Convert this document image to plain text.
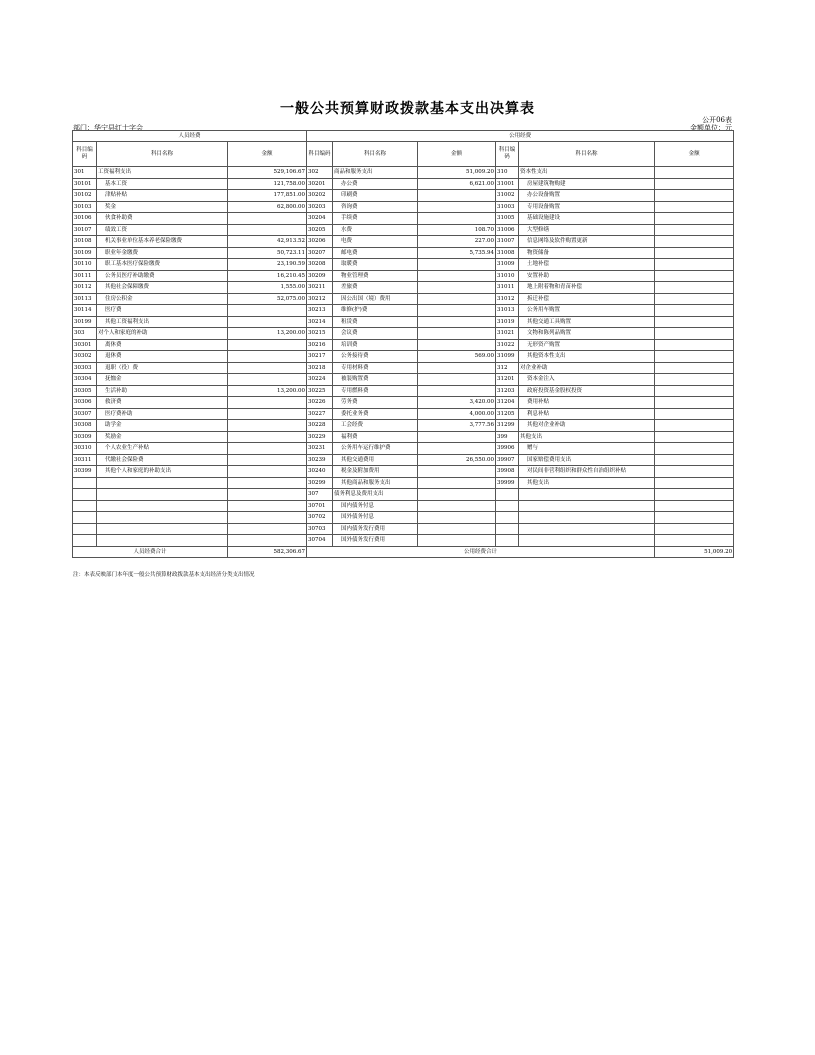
一般公共预算财政拨款基本支出决算表
公开06表
部门：华宁县红十字会	金额单位：元
人员经费			公用经费					
科目编码	科目名称	金额	科目编码	科目名称	金额	科目编码	科目名称	金额
301	工资福利支出	529,106.67	302	商品和服务支出	51,009.20	310	资本性支出	
30101	基本工资	121,758.00	30201	办公费	6,621.00	31001	房屋建筑物购建	
30102	津贴补贴	177,851.00	30202	印刷费		31002	办公设备购置	
30103	奖金	62,800.00	30203	咨询费		31003	专用设备购置	
30106	伙食补助费		30204	手续费		31005	基础设施建设	
30107	绩效工资		30205	水费	108.70	31006	大型修缮	
30108	机关事业单位基本养老保险缴费	42,913.52	30206	电费	227.00	31007	信息网络及软件购置更新	
30109	职业年金缴费	50,723.11	30207	邮电费	5,735.94	31008	物资储备	
30110	职工基本医疗保险缴费	23,190.59	30208	取暖费		31009	土地补偿	
30111	公务员医疗补助缴费	16,210.45	30209	物业管理费		31010	安置补助	
30112	其他社会保障缴费	1,555.00	30211	差旅费		31011	地上附着物和青苗补偿	
30113	住房公积金	52,075.00	30212	因公出国（境）费用		31012	拆迁补偿	
30114	医疗费		30213	维修(护)费		31013	公务用车购置	
30199	其他工资福利支出		30214	租赁费		31019	其他交通工具购置	
303	对个人和家庭的补助	13,200.00	30215	会议费		31021	文物和陈列品购置	
30301	离休费		30216	培训费		31022	无形资产购置	
30302	退休费		30217	公务接待费	569.00	31099	其他资本性支出	
30303	退职（役）费		30218	专用材料费		312	对企业补助	
30304	抚恤金		30224	被装购置费		31201	资本金注入	
30305	生活补助	13,200.00	30225	专用燃料费		31203	政府投资基金股权投资	
30306	救济费		30226	劳务费	3,420.00	31204	费用补贴	
30307	医疗费补助		30227	委托业务费	4,000.00	31205	利息补贴	
30308	助学金		30228	工会经费	3,777.56	31299	其他对企业补助	
30309	奖励金		30229	福利费		399	其他支出	
30310	个人农业生产补贴		30231	公务用车运行维护费		39906	赠与	
30311	代缴社会保险费		30239	其他交通费用	26,550.00	39907	国家赔偿费用支出	
30399	其他个人和家庭的补助支出		30240	税金及附加费用		39908	对民间非营利组织和群众性自治组织补贴	
			30299	其他商品和服务支出		39999	其他支出	
			307	债务利息及费用支出				
			30701	国内债务付息				
			30702	国外债务付息				
			30703	国内债务发行费用				
			30704	国外债务发行费用				
人员经费合计		582,306.67	公用经费合计					51,009.20
注：本表反映部门本年度一般公共预算财政拨款基本支出经济分类支出情况
